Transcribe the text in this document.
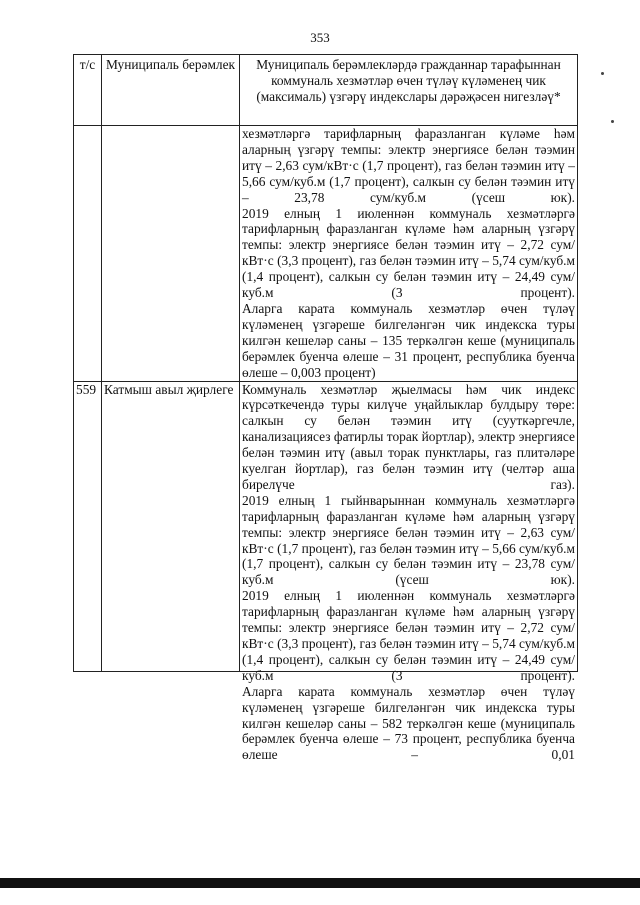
353
т/с	Муниципаль берәмлек	Муниципаль берәмлекләрдә гражданнар тарафыннан коммуналь хезмәтләр өчен түләү күләменең чик (максималь) үзгәрү индекслары дәрәҗәсен нигезләү*

		хезмәтләргә тарифларның фаразланган күләме һәм аларның үзгәрү темпы: электр энергиясе белән тәэмин итү – 2,63 сум/кВт·с (1,7 процент), газ белән тәэмин итү – 5,66 сум/куб.м (1,7 процент), салкын су белән тәэмин итү – 23,78 сум/куб.м (үсеш юк).
2019 елның 1 июленнән коммуналь хезмәтләргә тарифларның фаразланган күләме һәм аларның үзгәрү темпы: электр энергиясе белән тәэмин итү – 2,72 сум/кВт·с (3,3 процент), газ белән тәэмин итү – 5,74 сум/куб.м (1,4 процент), салкын су белән тәэмин итү – 24,49 сум/куб.м (3 процент).
Аларга карата коммуналь хезмәтләр өчен түләү күләменең үзгәреше билгеләнгән чик индекска туры килгән кешеләр саны – 135 теркәлгән кеше (муниципаль берәмлек буенча өлеше – 31 процент, республика буенча өлеше – 0,003 процент)

559	Катмыш авыл җирлеге	Коммуналь хезмәтләр җыелмасы һәм чик индекс күрсәткечендә туры килүче уңайлыклар булдыру төре: салкын су белән тәэмин итү (сууткәргечле, канализациясез фатирлы торак йортлар), электр энергиясе белән тәэмин итү (авыл торак пунктлары, газ плитәләре куелган йортлар), газ белән тәэмин итү (челтәр аша бирелүче газ).
2019 елның 1 гыйнварыннан коммуналь хезмәтләргә тарифларның фаразланган күләме һәм аларның үзгәрү темпы: электр энергиясе белән тәэмин итү – 2,63 сум/кВт·с (1,7 процент), газ белән тәэмин итү – 5,66 сум/куб.м (1,7 процент), салкын су белән тәэмин итү – 23,78 сум/куб.м (үсеш юк).
2019 елның 1 июленнән коммуналь хезмәтләргә тарифларның фаразланган күләме һәм аларның үзгәрү темпы: электр энергиясе белән тәэмин итү – 2,72 сум/кВт·с (3,3 процент), газ белән тәэмин итү – 5,74 сум/куб.м (1,4 процент), салкын су белән тәэмин итү – 24,49 сум/куб.м (3 процент).
Аларга карата коммуналь хезмәтләр өчен түләү күләменең үзгәреше билгеләнгән чик индекска туры килгән кешеләр саны – 582 теркәлгән кеше (муниципаль берәмлек буенча өлеше – 73 процент, республика буенча өлеше – 0,01
